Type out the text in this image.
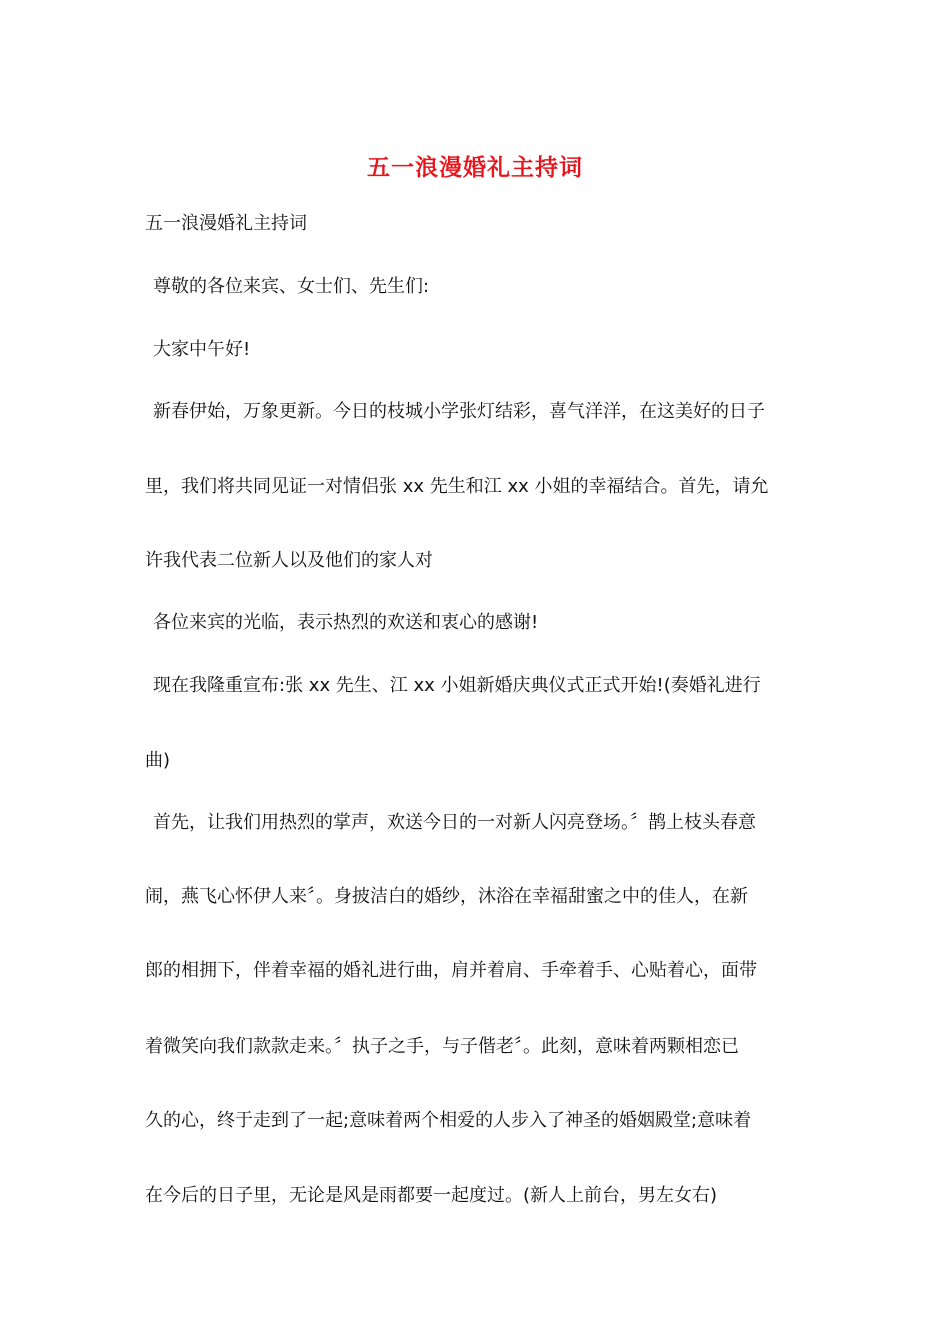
五一浪漫婚礼主持词
五一浪漫婚礼主持词
尊敬的各位来宾、女士们、先生们:
大家中午好!
新春伊始，万象更新。今日的枝城小学张灯结彩，喜气洋洋，在这美好的日子
里，我们将共同见证一对情侣张 xx 先生和江 xx 小姐的幸福结合。首先，请允
许我代表二位新人以及他们的家人对
各位来宾的光临，表示热烈的欢送和衷心的感谢!
现在我隆重宣布:张 xx 先生、江 xx 小姐新婚庆典仪式正式开始!(奏婚礼进行
曲)
首先，让我们用热烈的掌声，欢送今日的一对新人闪亮登场。〞鹊上枝头春意
闹，燕飞心怀伊人来〞。身披洁白的婚纱，沐浴在幸福甜蜜之中的佳人，在新
郎的相拥下，伴着幸福的婚礼进行曲，肩并着肩、手牵着手、心贴着心，面带
着微笑向我们款款走来。〞执子之手，与子偕老〞。此刻，意味着两颗相恋已
久的心，终于走到了一起;意味着两个相爱的人步入了神圣的婚姻殿堂;意味着
在今后的日子里，无论是风是雨都要一起度过。(新人上前台，男左女右)
